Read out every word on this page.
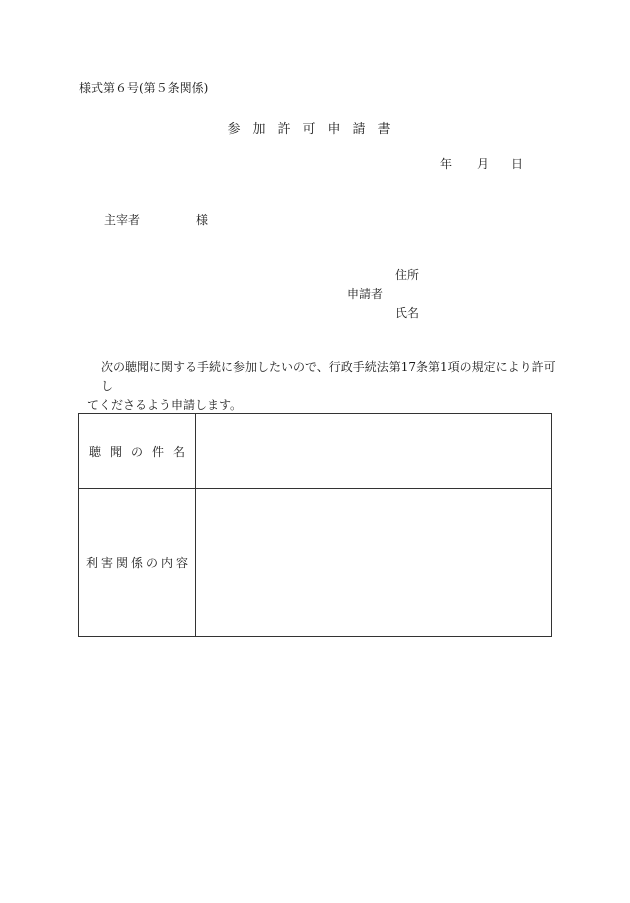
様式第６号(第５条関係)
参加許可申請書
年 月 日
主宰者	様
住所
申請者
氏名
次の聴聞に関する手続に参加したいので、行政手続法第17条第1項の規定により許可し
てくださるよう申請します。
聴聞の件名	
利害関係の内容	
